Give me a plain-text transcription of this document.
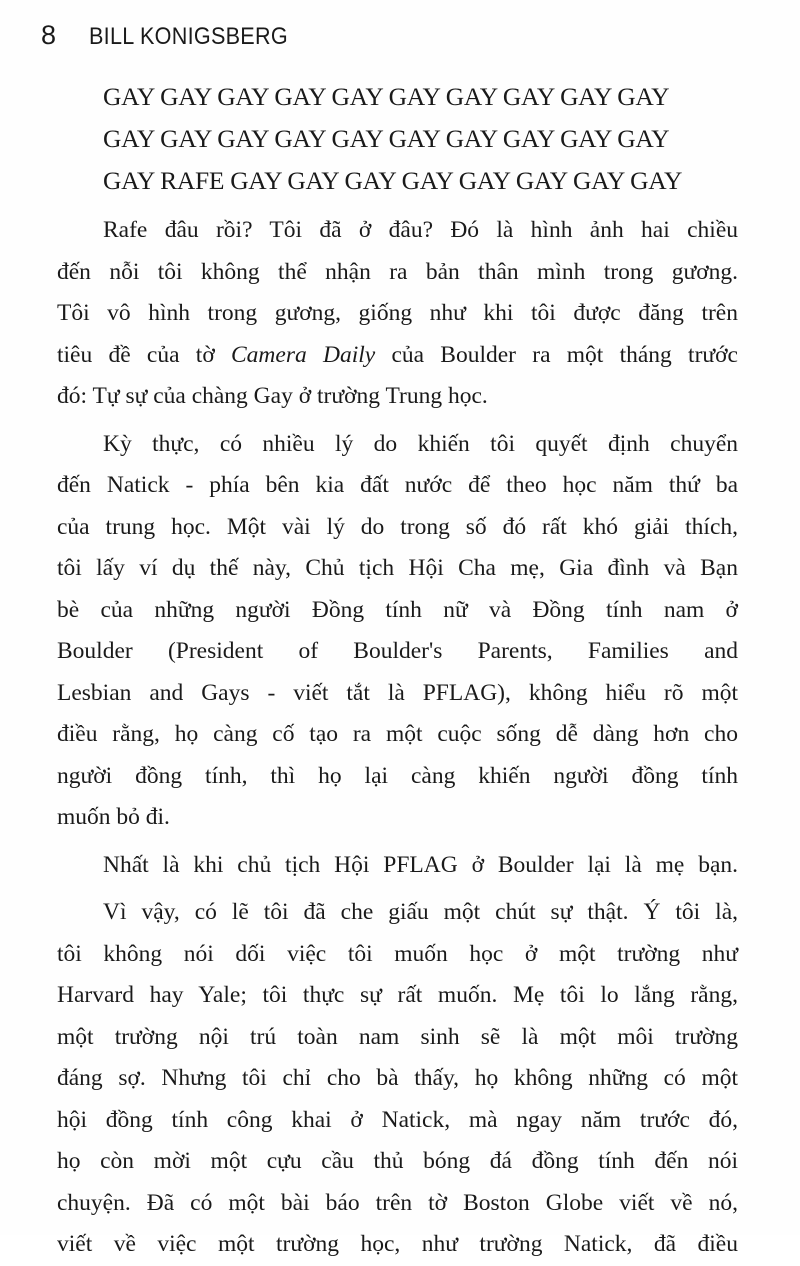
8 BILL KONIGSBERG
GAY GAY GAY GAY GAY GAY GAY GAY GAY GAY
GAY GAY GAY GAY GAY GAY GAY GAY GAY GAY
GAY RAFE GAY GAY GAY GAY GAY GAY GAY GAY
Rafe đâu rồi? Tôi đã ở đâu? Đó là hình ảnh hai chiều
đến nỗi tôi không thể nhận ra bản thân mình trong gương.
Tôi vô hình trong gương, giống như khi tôi được đăng trên
tiêu đề của tờ Camera Daily của Boulder ra một tháng trước
đó: Tự sự của chàng Gay ở trường Trung học.
Kỳ thực, có nhiều lý do khiến tôi quyết định chuyển
đến Natick - phía bên kia đất nước để theo học năm thứ ba
của trung học. Một vài lý do trong số đó rất khó giải thích,
tôi lấy ví dụ thế này, Chủ tịch Hội Cha mẹ, Gia đình và Bạn
bè của những người Đồng tính nữ và Đồng tính nam ở
Boulder (President of Boulder's Parents, Families and
Lesbian and Gays - viết tắt là PFLAG), không hiểu rõ một
điều rằng, họ càng cố tạo ra một cuộc sống dễ dàng hơn cho
người đồng tính, thì họ lại càng khiến người đồng tính
muốn bỏ đi.
Nhất là khi chủ tịch Hội PFLAG ở Boulder lại là mẹ bạn.
Vì vậy, có lẽ tôi đã che giấu một chút sự thật. Ý tôi là,
tôi không nói dối việc tôi muốn học ở một trường như
Harvard hay Yale; tôi thực sự rất muốn. Mẹ tôi lo lắng rằng,
một trường nội trú toàn nam sinh sẽ là một môi trường
đáng sợ. Nhưng tôi chỉ cho bà thấy, họ không những có một
hội đồng tính công khai ở Natick, mà ngay năm trước đó,
họ còn mời một cựu cầu thủ bóng đá đồng tính đến nói
chuyện. Đã có một bài báo trên tờ Boston Globe viết về nó,
viết về việc một trường học, như trường Natick, đã điều
